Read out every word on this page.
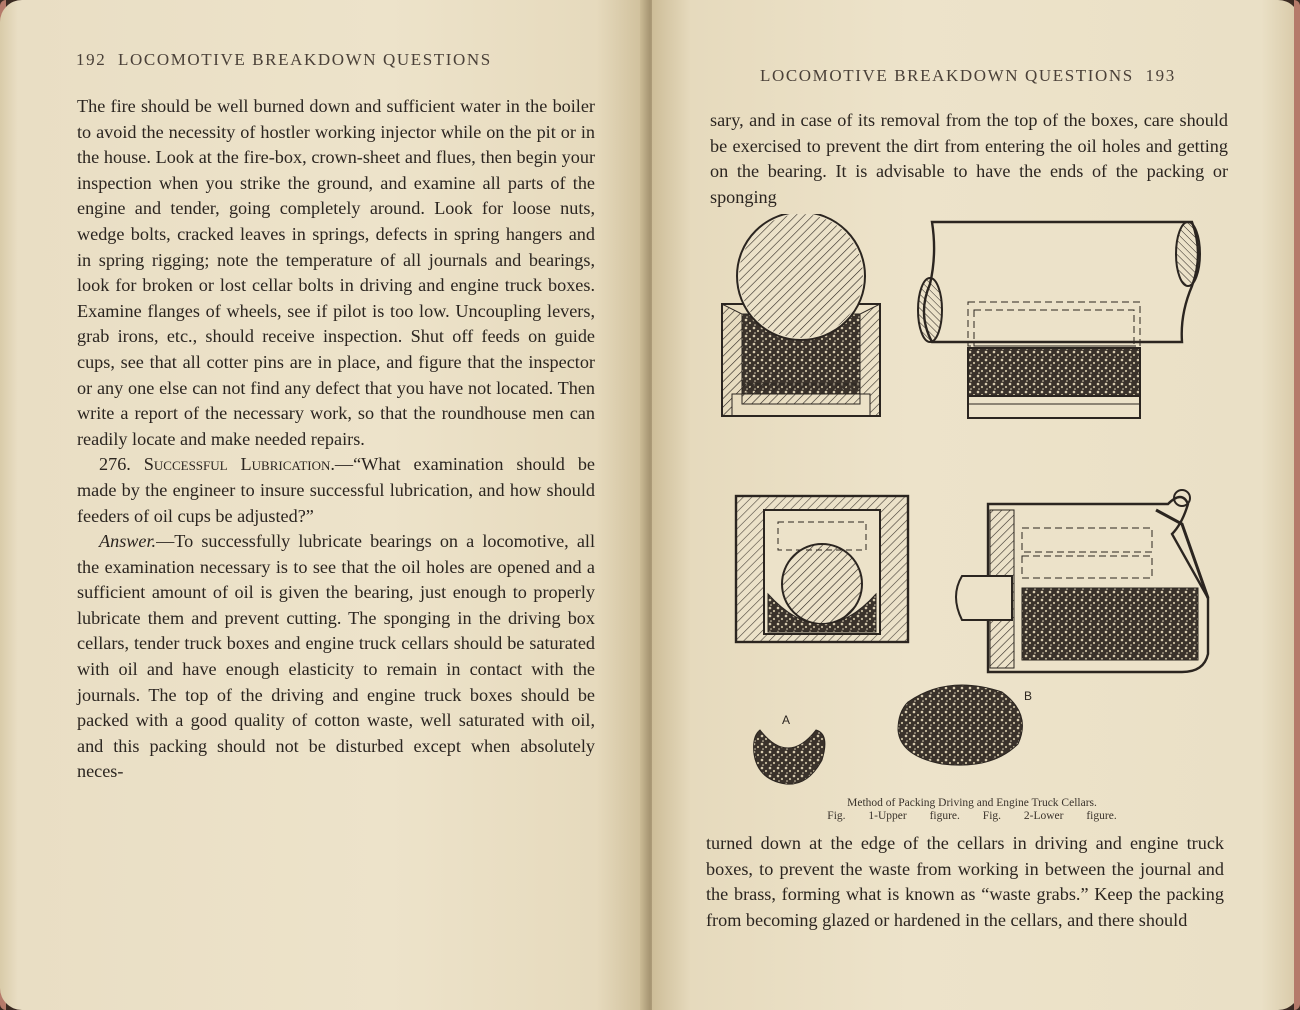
192 LOCOMOTIVE BREAKDOWN QUESTIONS

The fire should be well burned down and sufficient water in the boiler to avoid the necessity of hostler working injector while on the pit or in the house. Look at the fire-box, crown-sheet and flues, then begin your inspection when you strike the ground, and examine all parts of the engine and tender, going completely around. Look for loose nuts, wedge bolts, cracked leaves in springs, defects in spring hangers and in spring rigging; note the temperature of all journals and bearings, look for broken or lost cellar bolts in driving and engine truck boxes. Examine flanges of wheels, see if pilot is too low. Uncoupling levers, grab irons, etc., should receive inspection. Shut off feeds on guide cups, see that all cotter pins are in place, and figure that the inspector or any one else can not find any defect that you have not located. Then write a report of the necessary work, so that the roundhouse men can readily locate and make needed repairs.

276. Successful Lubrication.—“What examination should be made by the engineer to insure successful lubrication, and how should feeders of oil cups be adjusted?”

Answer.—To successfully lubricate bearings on a locomotive, all the examination necessary is to see that the oil holes are opened and a sufficient amount of oil is given the bearing, just enough to properly lubricate them and prevent cutting. The sponging in the driving box cellars, tender truck boxes and engine truck cellars should be saturated with oil and have enough elasticity to remain in contact with the journals. The top of the driving and engine truck boxes should be packed with a good quality of cotton waste, well saturated with oil, and this packing should not be disturbed except when absolutely neces-

LOCOMOTIVE BREAKDOWN QUESTIONS 193

sary, and in case of its removal from the top of the boxes, care should be exercised to prevent the dirt from entering the oil holes and getting on the bearing. It is advisable to have the ends of the packing or sponging

A
B
Method of Packing Driving and Engine Truck Cellars.
Fig. 1-Upper figure. Fig. 2-Lower figure.

turned down at the edge of the cellars in driving and engine truck boxes, to prevent the waste from working in between the journal and the brass, forming what is known as “waste grabs.” Keep the packing from becoming glazed or hardened in the cellars, and there should
